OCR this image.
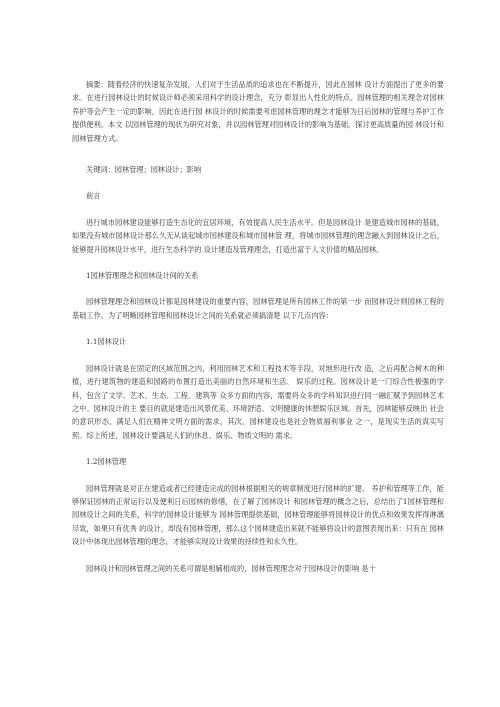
摘要：随着经济的快速复杂发展，人们对于生活品质的追求也在不断提升，因此在园林 设计方面提出了更多的要求。在进行园林设计的时候设计师必须采用科学的设计理念，充分 彰显出人性化的特点。园林管理的相关理念对园林养护等会产生一定的影响，因此在进行园 林设计的时候需要考虑园林管理的理念才能够为日后园林的管理与养护工作提供便利。本文 以园林管理的现状为研究对象，并以园林管理对园林设计的影响为基础，探讨更高质量的园 林设计和园林管理方式。

关键词：园林管理；园林设计；影响

前言

进行城市园林建设能够打造生态化的宜居环境，有效提高人民生活水平。但是园林设计 是建造城市园林的基础，如果没有城市园林设计那么久无从谈起城市园林建设和城市园林管 理，将城市园林管理的理念融入到园林设计之后，能够提升园林设计水平，进行生态科学的 设计建造及管理理念，打造出富于人文价值的精品园林。

1园林管理理念和园林设计间的关系

园林管理理念和园林设计都是园林建设的重要内容，园林管理是所有园林工作的第一步 而园林设计则园林工程的基础工作。为了明晰园林管理和园林设计之间的关系就必须搞清楚 以下几点内容：

1.1园林设计

园林设计就是在固定的区域范围之内，利用园林艺术和工程技术等手段，对地形进行改 造，之后再配合树木的种植，进行建筑物的建造和园路的布置打造出美丽的自然环境和生活、 娱乐的过程。园林设计是一门综合性极强的学科，包含了文学、艺术、生态、工程、建筑等 众多方面的内容，需要将众多的学科知识进行同一融汇赋予到园林艺术之中。园林设计的主 要目的就是建造出风景优美、环境舒适、文明健康的休憩娱乐区域。首先，园林能够反映出 社会的意识形态，满足人们在精神文明方面的需求，其次，园林建设也是社会物质福利事业 之一，是现实生活的真实写照。综上所述，园林设计要满足人们的休息、娱乐、物质文明的 需求。

1.2园林管理

园林管理就是对正在建造或者已经建造完成的园林根据相关的规章制度进行园林的扩建、 养护和管理等工作，能够保证园林的正常运行以及便利日后园林的修缮，在了解了园林设计 和园林管理的概念之后，总结出了1园林管理和园林设计之间的关系，科学的园林设计能够为 园林管理提供基础，园林管理能够将园林设计的优点和效果发挥得淋漓尽致，如果只有优秀 的设计，却没有园林管理，那么这个园林建造出来就不能够将设计的意图表现出来：只有在 园林设计中体现出园林管理的理念，才能够实现设计效果的持续性和永久性。

园林设计和园林管理之间的关系可谓是相辅相成的，园林管理理念对于园林设计的影响 是十
